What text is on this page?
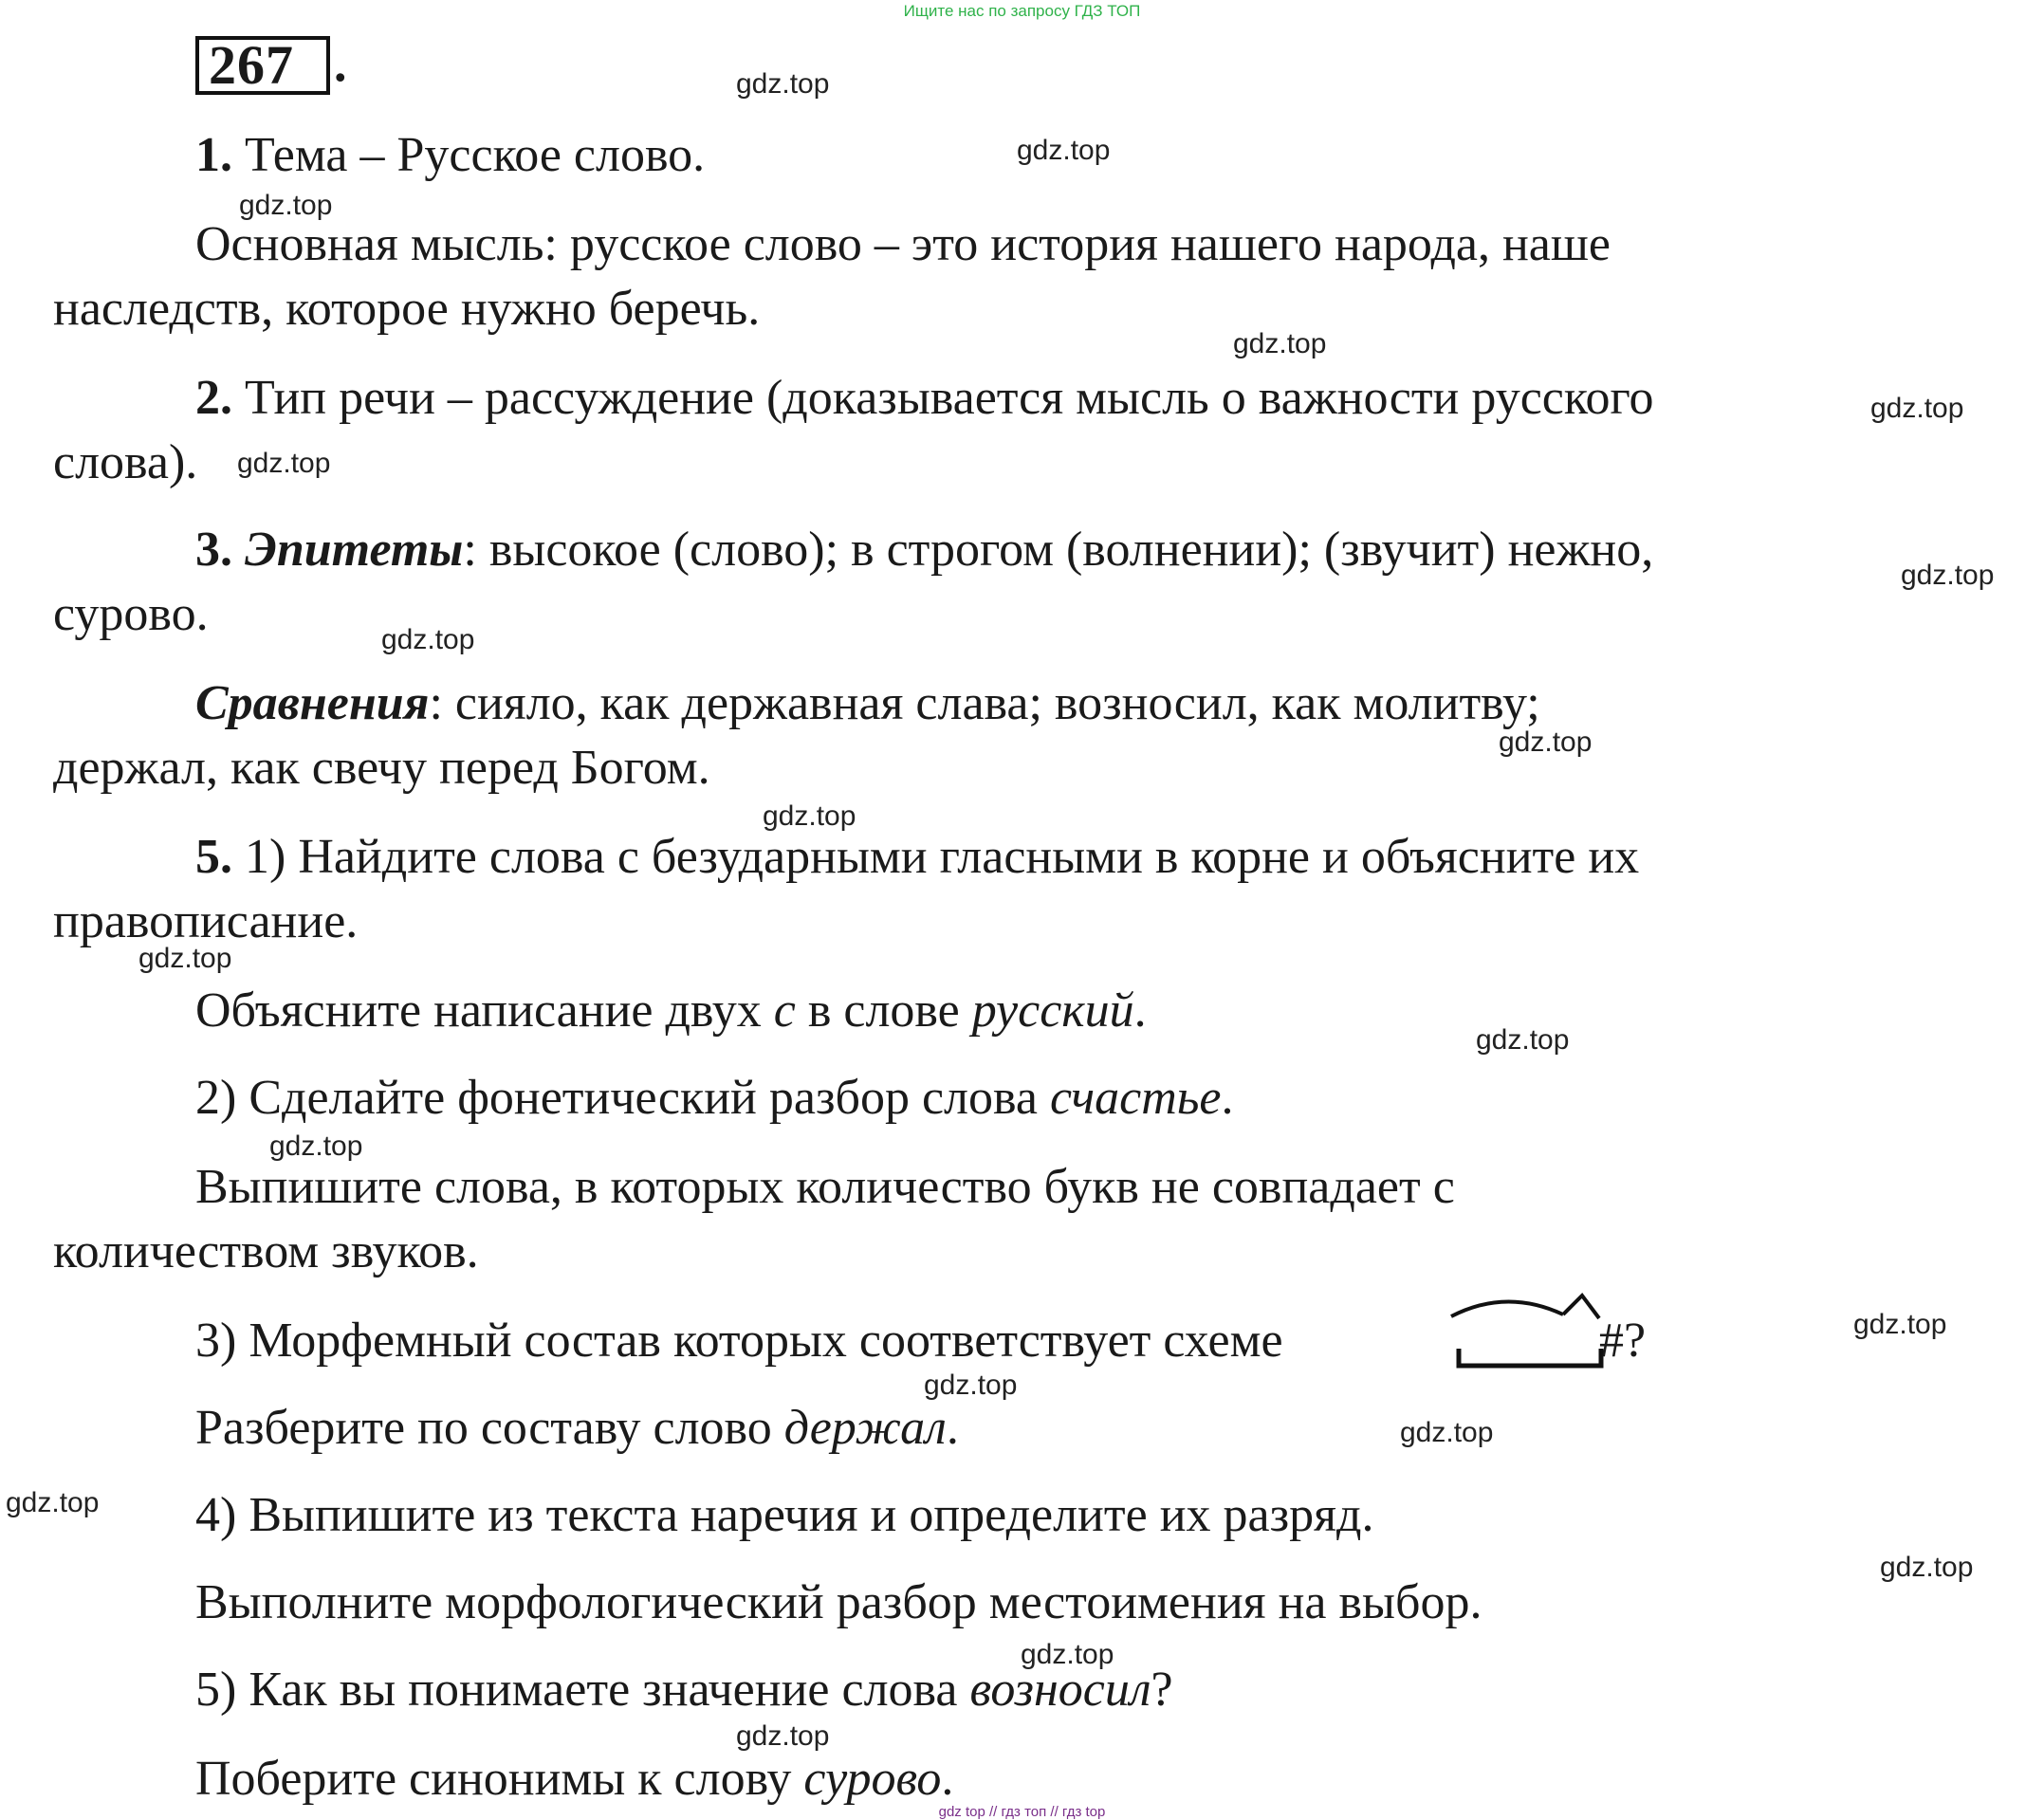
Ищите нас по запросу ГДЗ ТОП
267 .
1. Тема – Русское слово.
Основная мысль: русское слово – это история нашего народа, наше
наследств, которое нужно беречь.
2. Тип речи – рассуждение (доказывается мысль о важности русского
слова).
3. Эпитеты: высокое (слово); в строгом (волнении); (звучит) нежно,
сурово.
Сравнения: сияло, как державная слава; возносил, как молитву;
держал, как свечу перед Богом.
5. 1) Найдите слова с безударными гласными в корне и объясните их
правописание.
Объясните написание двух с в слове русский.
2) Сделайте фонетический разбор слова счастье.
Выпишите слова, в которых количество букв не совпадает с
количеством звуков.
3) Морфемный состав которых соответствует схеме	#?
Разберите по составу слово держал.
4) Выпишите из текста наречия и определите их разряд.
Выполните морфологический разбор местоимения на выбор.
5) Как вы понимаете значение слова возносил?
Поберите синонимы к слову сурово.
gdz.top
gdz.top
gdz.top
gdz.top
gdz.top
gdz.top
gdz.top
gdz.top
gdz.top
gdz.top
gdz.top
gdz.top
gdz.top
gdz.top
gdz.top
gdz.top
gdz.top
gdz.top
gdz.top
gdz.top
gdz top // гдз топ // гдз top
